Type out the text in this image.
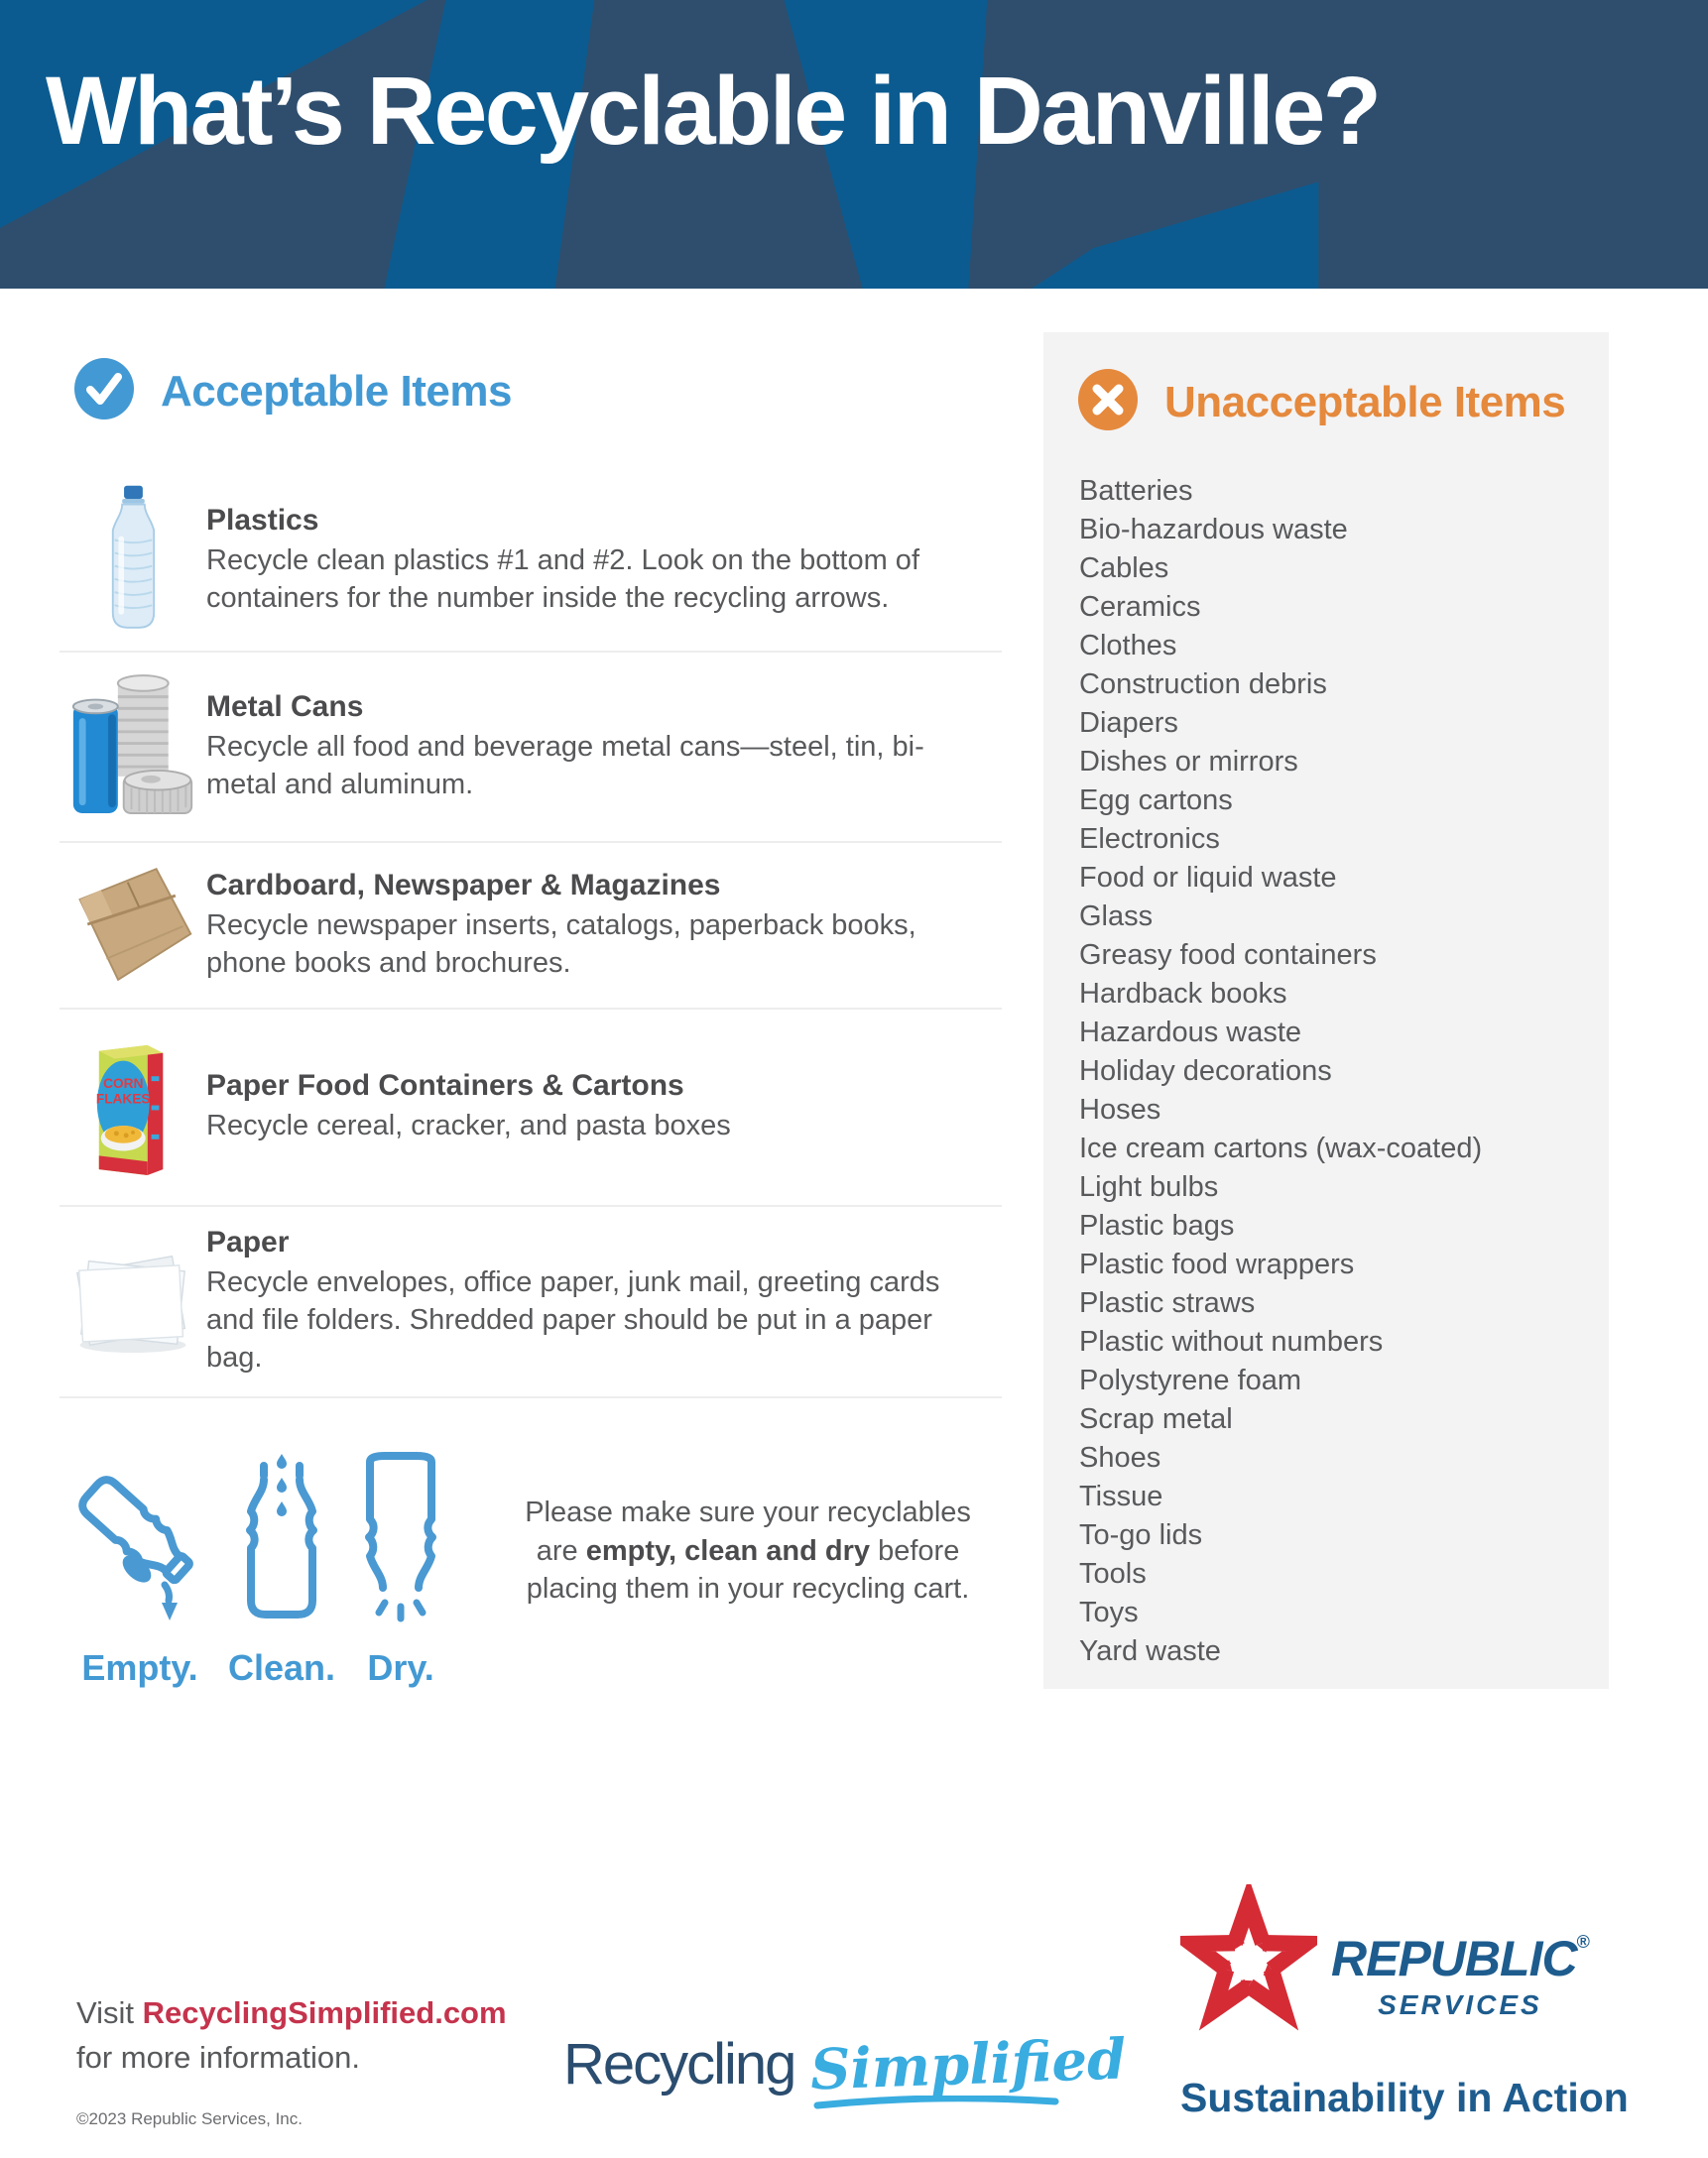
What’s Recyclable in Danville?
Acceptable Items
Plastics

Recycle clean plastics #1 and #2. Look on the bottom of containers for the number inside the recycling arrows.

Metal Cans

Recycle all food and beverage metal cans—steel, tin, bi-metal and aluminum.

Cardboard, Newspaper & Magazines

Recycle newspaper inserts, catalogs, paperback books, phone books and brochures.

CORN
FLAKES Paper Food Containers & Cartons

Recycle cereal, cracker, and pasta boxes

Paper

Recycle envelopes, office paper, junk mail, greeting cards and file folders. Shredded paper should be put in a paper bag.

Empty. Clean. Dry.

Please make sure your recyclables are empty, clean and dry before placing them in your recycling cart.

Unacceptable Items
Batteries
Bio-hazardous waste
Cables
Ceramics
Clothes
Construction debris
Diapers
Dishes or mirrors
Egg cartons
Electronics
Food or liquid waste
Glass
Greasy food containers
Hardback books
Hazardous waste
Holiday decorations
Hoses
Ice cream cartons (wax-coated)
Light bulbs
Plastic bags
Plastic food wrappers
Plastic straws
Plastic without numbers
Polystyrene foam
Scrap metal
Shoes
Tissue
To-go lids
Tools
Toys
Yard waste
Visit RecyclingSimplified.com
for more information.
©2023 Republic Services, Inc.
Recycling Simplified
REPUBLIC®
SERVICES
Sustainability in Action
